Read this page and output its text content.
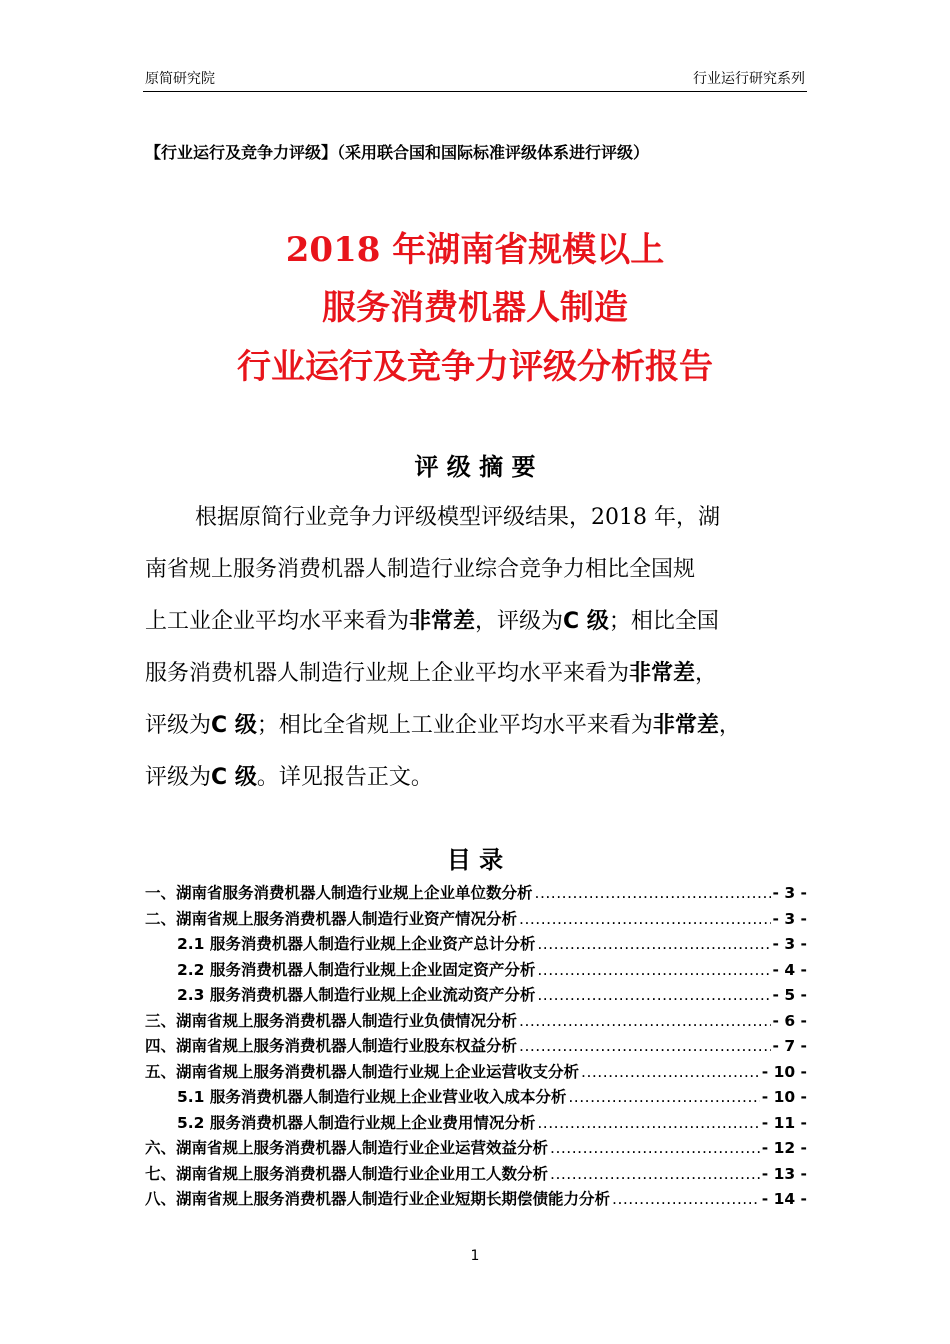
原简研究院	行业运行研究系列
【行业运行及竞争力评级】（采用联合国和国际标准评级体系进行评级）
2018 年湖南省规模以上
服务消费机器人制造
行业运行及竞争力评级分析报告
评 级 摘 要
根据原简行业竞争力评级模型评级结果，2018 年，湖
南省规上服务消费机器人制造行业综合竞争力相比全国规
上工业企业平均水平来看为非常差，评级为C 级；相比全国
服务消费机器人制造行业规上企业平均水平来看为非常差，
评级为C 级；相比全省规上工业企业平均水平来看为非常差，
评级为C 级。详见报告正文。
目 录
一、湖南省服务消费机器人制造行业规上企业单位数分析 .....	- 3 -
二、湖南省规上服务消费机器人制造行业资产情况分析 .....	- 3 -
2.1 服务消费机器人制造行业规上企业资产总计分析 .....	- 3 -
2.2 服务消费机器人制造行业规上企业固定资产分析 .....	- 4 -
2.3 服务消费机器人制造行业规上企业流动资产分析 .....	- 5 -
三、湖南省规上服务消费机器人制造行业负债情况分析 .....	- 6 -
四、湖南省规上服务消费机器人制造行业股东权益分析 .....	- 7 -
五、湖南省规上服务消费机器人制造行业规上企业运营收支分析 .....	- 10 -
5.1 服务消费机器人制造行业规上企业营业收入成本分析 .....	- 10 -
5.2 服务消费机器人制造行业规上企业费用情况分析 .....	- 11 -
六、湖南省规上服务消费机器人制造行业企业运营效益分析 .....	- 12 -
七、湖南省规上服务消费机器人制造行业企业用工人数分析 .....	- 13 -
八、湖南省规上服务消费机器人制造行业企业短期长期偿债能力分析 .....	- 14 -
1
